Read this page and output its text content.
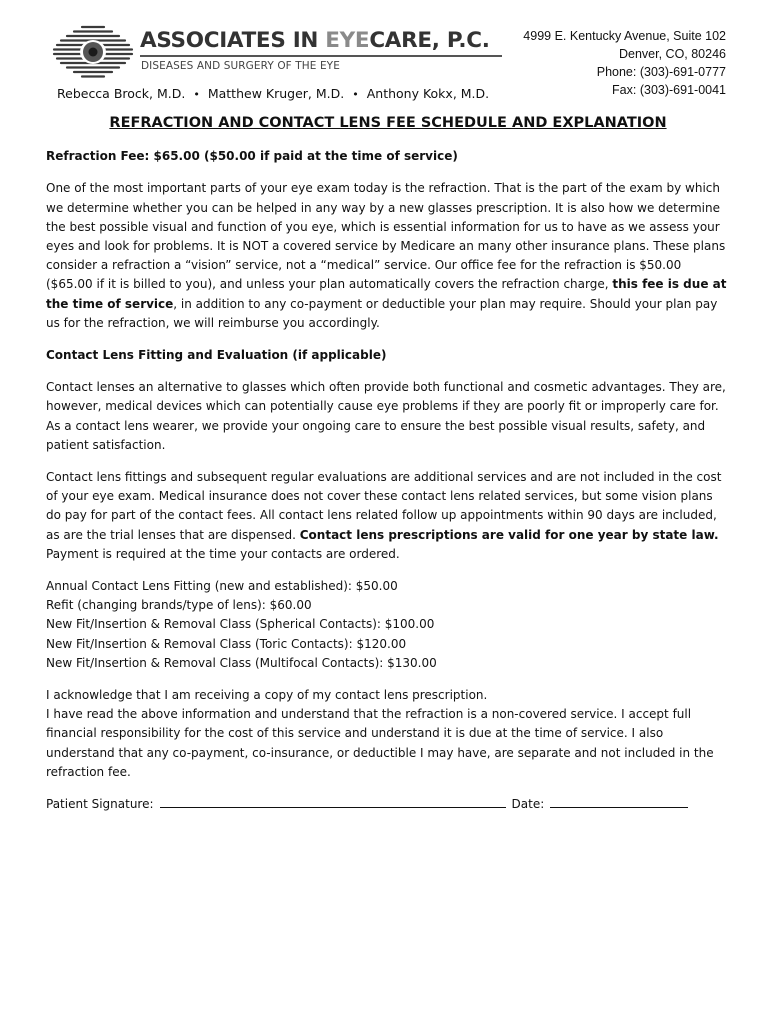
ASSOCIATES IN EYECARE, P.C.
DISEASES AND SURGERY OF THE EYE
Rebecca Brock, M.D. • Matthew Kruger, M.D. • Anthony Kokx, M.D.
4999 E. Kentucky Avenue, Suite 102
Denver, CO, 80246
Phone: (303)-691-0777
Fax: (303)-691-0041
REFRACTION AND CONTACT LENS FEE SCHEDULE AND EXPLANATION
Refraction Fee: $65.00 ($50.00 if paid at the time of service)

One of the most important parts of your eye exam today is the refraction. That is the part of the exam by which we determine whether you can be helped in any way by a new glasses prescription. It is also how we determine the best possible visual and function of you eye, which is essential information for us to have as we assess your eyes and look for problems. It is NOT a covered service by Medicare an many other insurance plans. These plans consider a refraction a “vision” service, not a “medical” service. Our office fee for the refraction is $50.00 ($65.00 if it is billed to you), and unless your plan automatically covers the refraction charge, this fee is due at the time of service, in addition to any co-payment or deductible your plan may require. Should your plan pay us for the refraction, we will reimburse you accordingly.

Contact Lens Fitting and Evaluation (if applicable)

Contact lenses an alternative to glasses which often provide both functional and cosmetic advantages. They are, however, medical devices which can potentially cause eye problems if they are poorly fit or improperly care for. As a contact lens wearer, we provide your ongoing care to ensure the best possible visual results, safety, and patient satisfaction.

Contact lens fittings and subsequent regular evaluations are additional services and are not included in the cost of your eye exam. Medical insurance does not cover these contact lens related services, but some vision plans do pay for part of the contact fees. All contact lens related follow up appointments within 90 days are included, as are the trial lenses that are dispensed. Contact lens prescriptions are valid for one year by state law. Payment is required at the time your contacts are ordered.

Annual Contact Lens Fitting (new and established): $50.00
Refit (changing brands/type of lens): $60.00
New Fit/Insertion & Removal Class (Spherical Contacts): $100.00
New Fit/Insertion & Removal Class (Toric Contacts): $120.00
New Fit/Insertion & Removal Class (Multifocal Contacts): $130.00
I acknowledge that I am receiving a copy of my contact lens prescription.
I have read the above information and understand that the refraction is a non-covered service. I accept full financial responsibility for the cost of this service and understand it is due at the time of service. I also understand that any co-payment, co-insurance, or deductible I may have, are separate and not included in the refraction fee.
Patient Signature:	Date:
